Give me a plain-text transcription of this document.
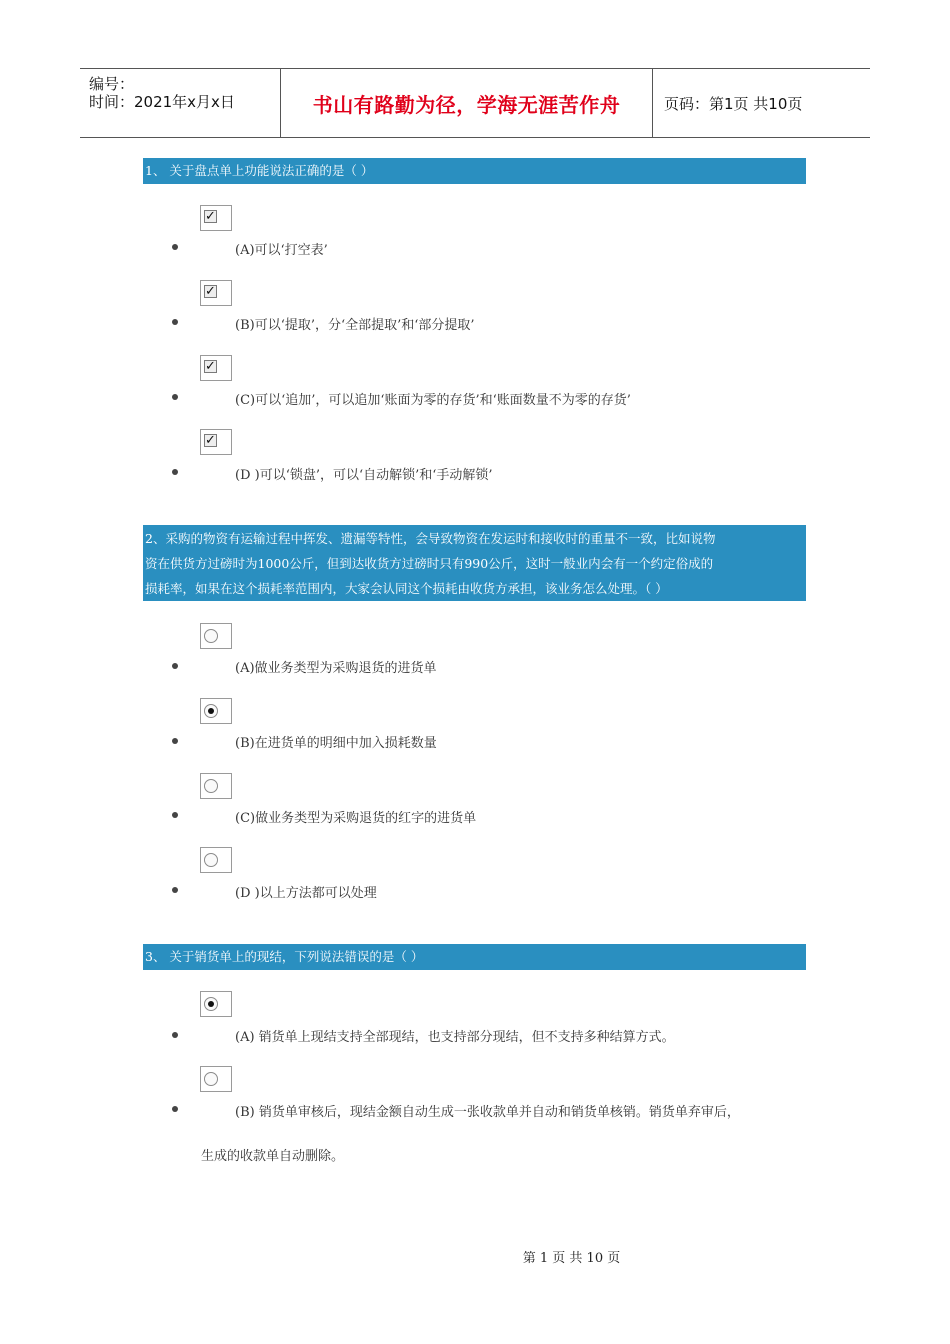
编号：
时间：2021年x月x日	书山有路勤为径，学海无涯苦作舟	页码：第1页 共10页
1、 关于盘点单上功能说法正确的是（ ）
✓
(A)可以‘打空表’
✓
(B)可以‘提取’，分‘全部提取’和‘部分提取’
✓
(C)可以‘追加’，可以追加‘账面为零的存货’和‘账面数量不为零的存货’
✓
(D )可以‘锁盘’，可以‘自动解锁’和‘手动解锁’
2、采购的物资有运输过程中挥发、遗漏等特性，会导致物资在发运时和接收时的重量不一致，比如说物
资在供货方过磅时为1000公斤，但到达收货方过磅时只有990公斤，这时一般业内会有一个约定俗成的
损耗率，如果在这个损耗率范围内，大家会认同这个损耗由收货方承担，该业务怎么处理。（ ）
(A)做业务类型为采购退货的进货单
(B)在进货单的明细中加入损耗数量
(C)做业务类型为采购退货的红字的进货单
(D )以上方法都可以处理
3、 关于销货单上的现结，下列说法错误的是（ ）
(A) 销货单上现结支持全部现结，也支持部分现结，但不支持多种结算方式。
(B) 销货单审核后，现结金额自动生成一张收款单并自动和销货单核销。销货单弃审后，
生成的收款单自动删除。
第 1 页 共 10 页
